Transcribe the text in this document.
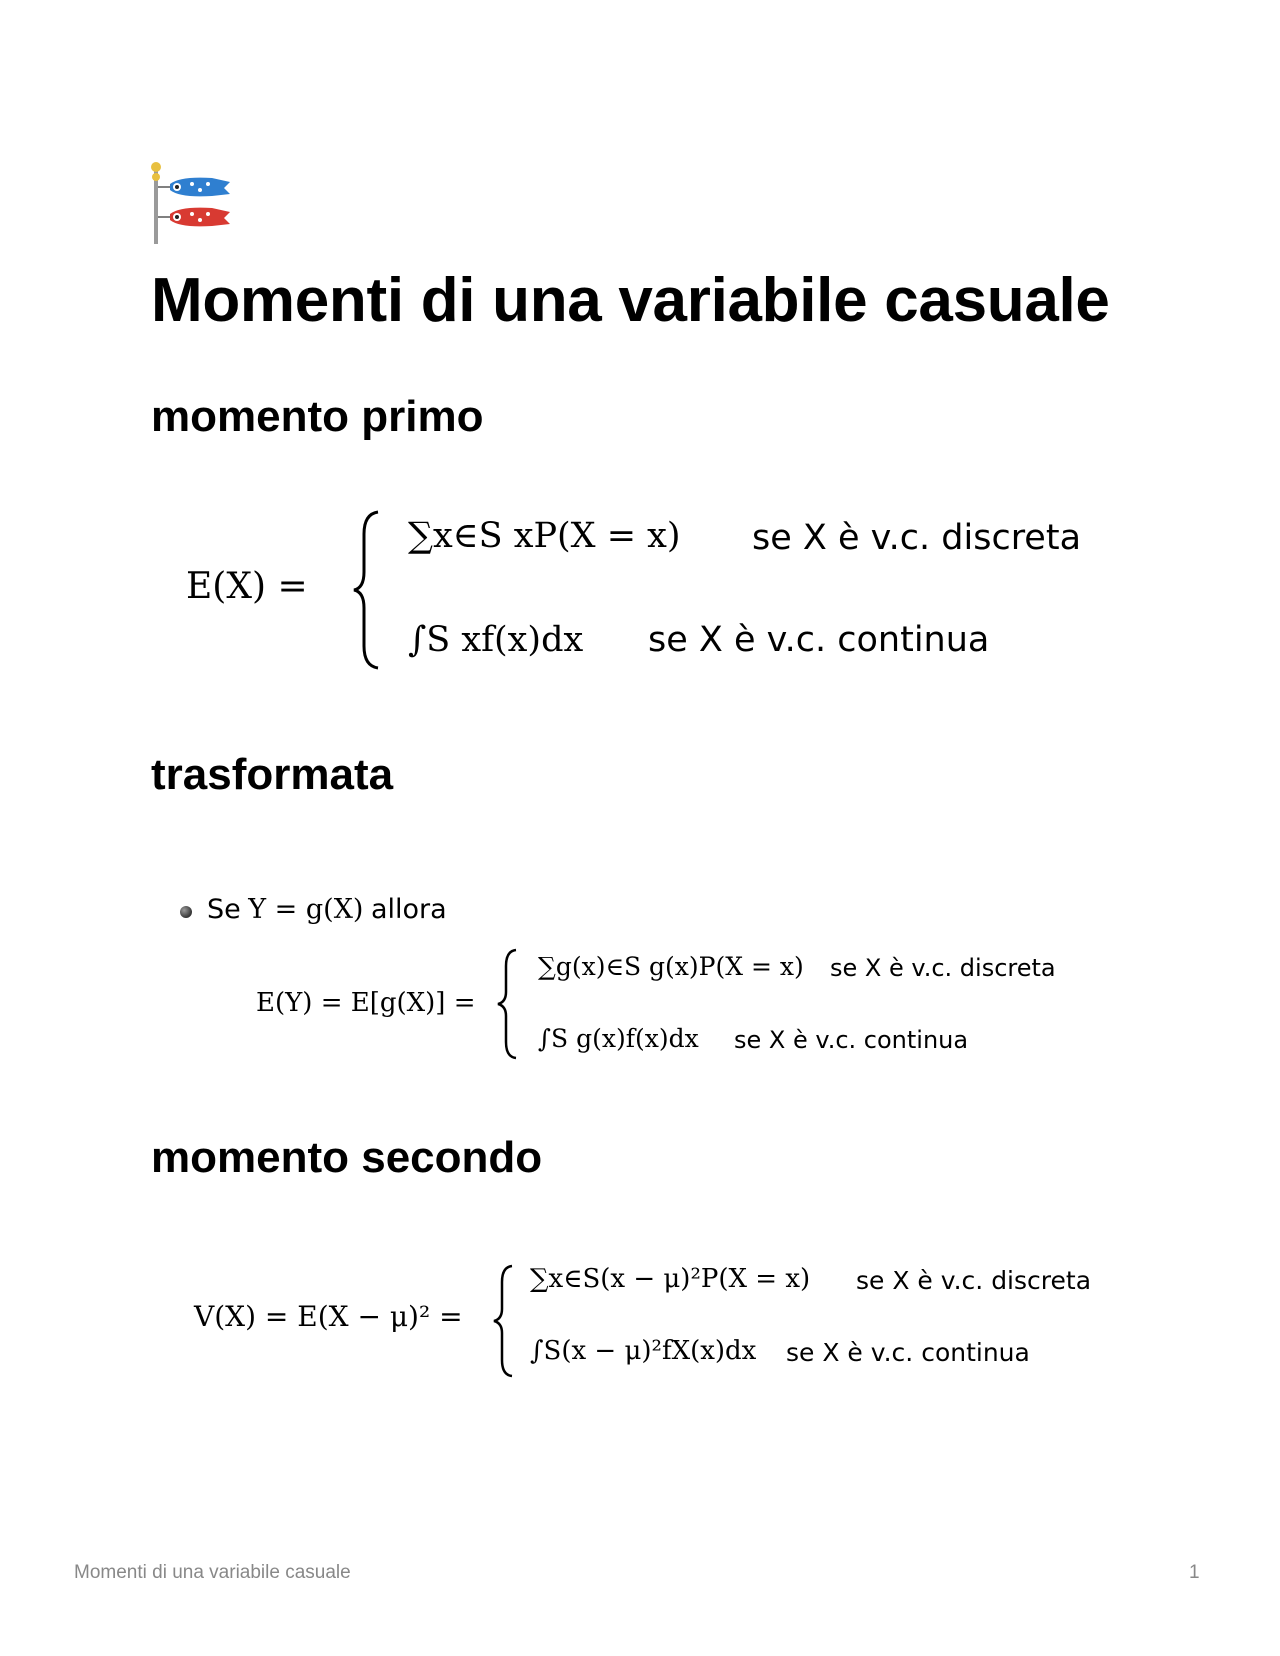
Momenti di una variabile casuale
momento primo
E(X) =
∑x∈S xP(X = x) se X è v.c. discreta
∫S xf(x)dx se X è v.c. continua
trasformata
Se Y = g(X) allora
E(Y) = E[g(X)] =
∑g(x)∈S g(x)P(X = x) se X è v.c. discreta
∫S g(x)f(x)dx se X è v.c. continua
momento secondo
V(X) = E(X − μ)² =
∑x∈S(x − μ)²P(X = x) se X è v.c. discreta
∫S(x − μ)²fX(x)dx se X è v.c. continua
Momenti di una variabile casuale	1
